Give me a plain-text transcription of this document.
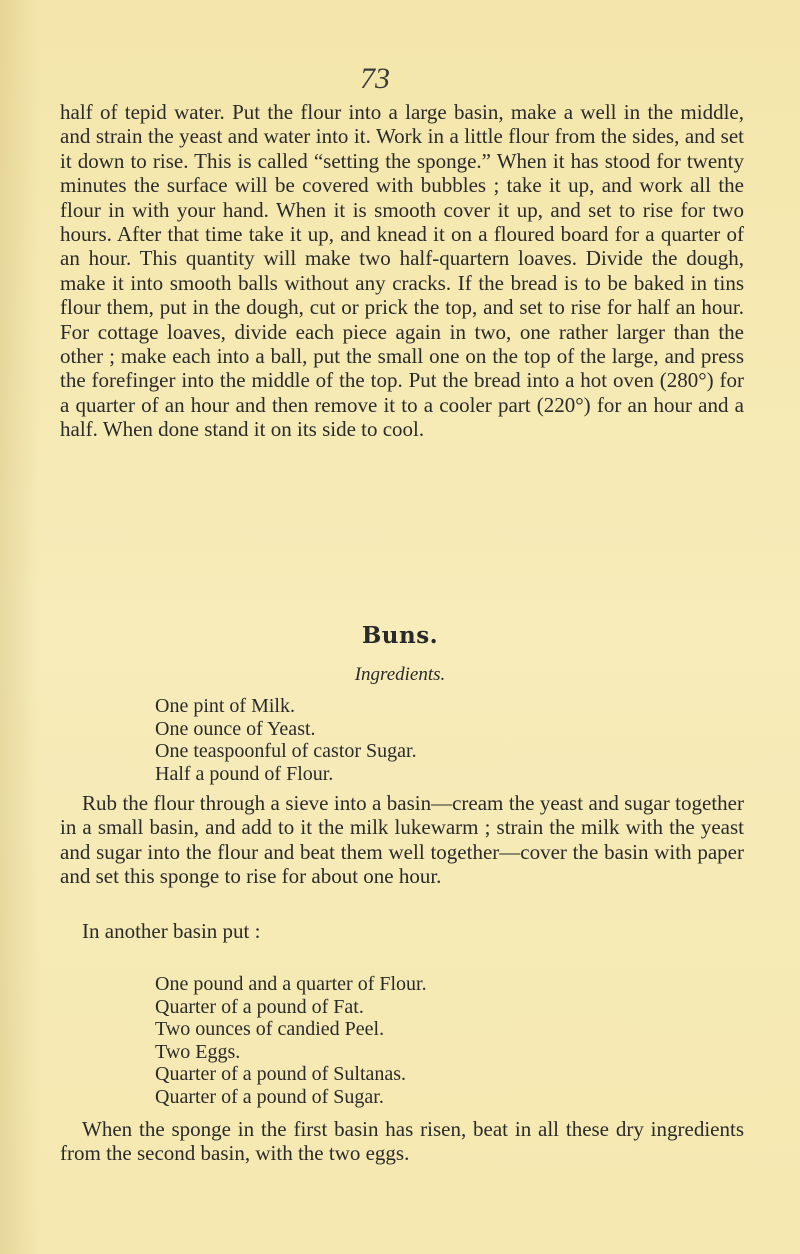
73

half of tepid water. Put the flour into a large basin, make a well in the middle, and strain the yeast and water into it. Work in a little flour from the sides, and set it down to rise. This is called “setting the sponge.” When it has stood for twenty minutes the surface will be covered with bubbles ; take it up, and work all the flour in with your hand. When it is smooth cover it up, and set to rise for two hours. After that time take it up, and knead it on a floured board for a quarter of an hour. This quantity will make two half-quartern loaves. Divide the dough, make it into smooth balls without any cracks. If the bread is to be baked in tins flour them, put in the dough, cut or prick the top, and set to rise for half an hour. For cottage loaves, divide each piece again in two, one rather larger than the other ; make each into a ball, put the small one on the top of the large, and press the forefinger into the middle of the top. Put the bread into a hot oven (280°) for a quarter of an hour and then remove it to a cooler part (220°) for an hour and a half. When done stand it on its side to cool.

Buns.
Ingredients.
One pint of Milk.
One ounce of Yeast.
One teaspoonful of castor Sugar.
Half a pound of Flour.

Rub the flour through a sieve into a basin—cream the yeast and sugar together in a small basin, and add to it the milk lukewarm ; strain the milk with the yeast and sugar into the flour and beat them well together—cover the basin with paper and set this sponge to rise for about one hour.

In another basin put :

One pound and a quarter of Flour.
Quarter of a pound of Fat.
Two ounces of candied Peel.
Two Eggs.
Quarter of a pound of Sultanas.
Quarter of a pound of Sugar.

When the sponge in the first basin has risen, beat in all these dry ingredients from the second basin, with the two eggs.
